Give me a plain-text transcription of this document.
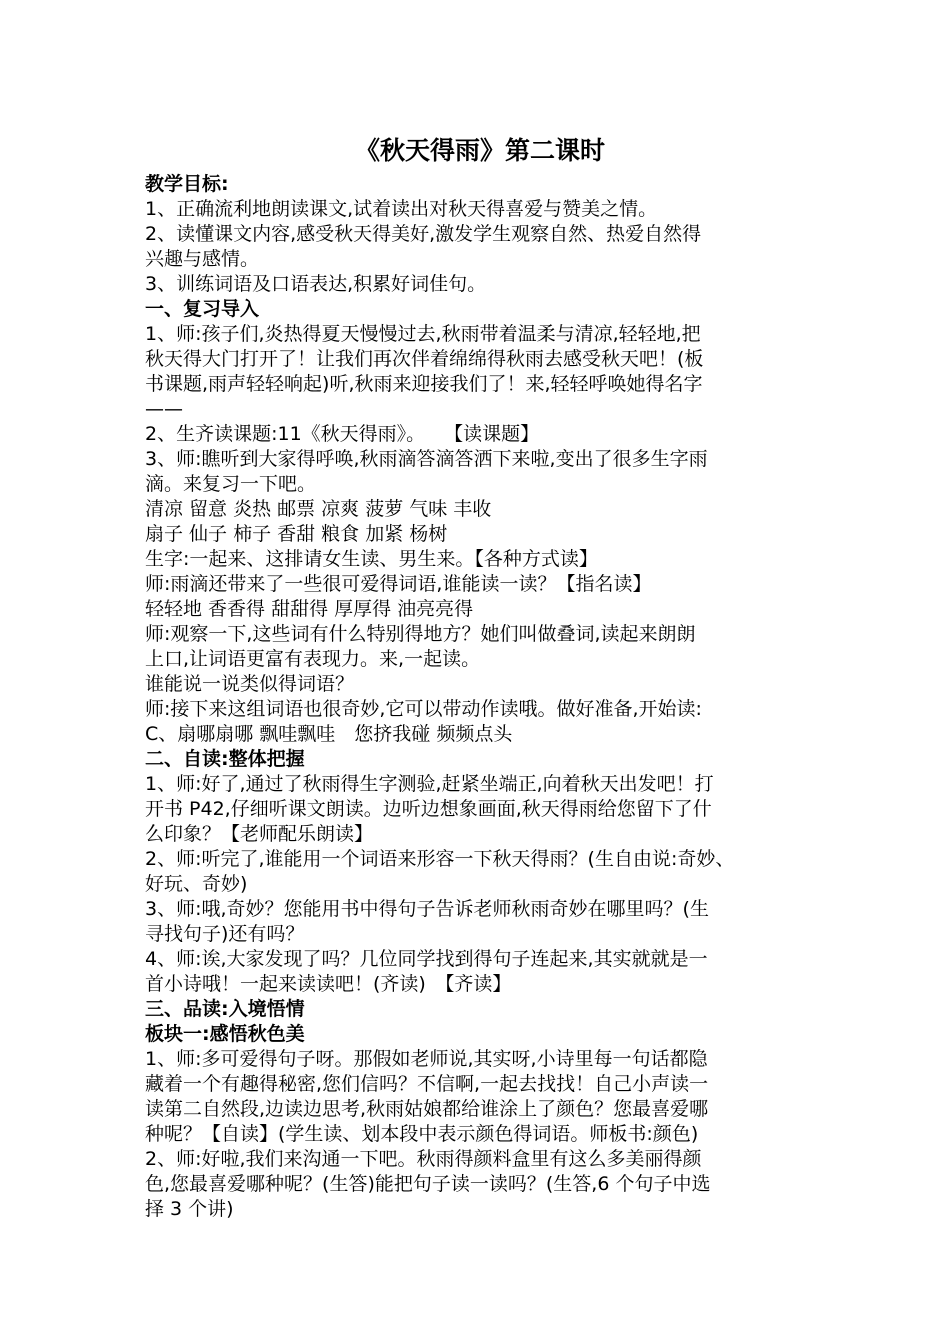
《秋天得雨》第二课时
教学目标:
1、正确流利地朗读课文,试着读出对秋天得喜爱与赞美之情。
2、读懂课文内容,感受秋天得美好,激发学生观察自然、热爱自然得
兴趣与感情。
3、训练词语及口语表达,积累好词佳句。
一、复习导入
1、师:孩子们,炎热得夏天慢慢过去,秋雨带着温柔与清凉,轻轻地,把
秋天得大门打开了！让我们再次伴着绵绵得秋雨去感受秋天吧！(板
书课题,雨声轻轻响起)听,秋雨来迎接我们了！来,轻轻呼唤她得名字
——
2、生齐读课题:11《秋天得雨》。　　【读课题】
3、师:瞧听到大家得呼唤,秋雨滴答滴答洒下来啦,变出了很多生字雨
滴。来复习一下吧。
清凉 留意 炎热 邮票 凉爽 菠萝 气味 丰收
扇子 仙子 柿子 香甜 粮食 加紧 杨树
生字:一起来、这排请女生读、男生来。【各种方式读】
师:雨滴还带来了一些很可爱得词语,谁能读一读？【指名读】
轻轻地 香香得 甜甜得 厚厚得 油亮亮得
师:观察一下,这些词有什么特别得地方？她们叫做叠词,读起来朗朗
上口,让词语更富有表现力。来,一起读。
谁能说一说类似得词语？
师:接下来这组词语也很奇妙,它可以带动作读哦。做好准备,开始读:
C、扇哪扇哪 飘哇飘哇　您挤我碰 频频点头
二、自读:整体把握
1、师:好了,通过了秋雨得生字测验,赶紧坐端正,向着秋天出发吧！打
开书 P42,仔细听课文朗读。边听边想象画面,秋天得雨给您留下了什
么印象？【老师配乐朗读】
2、师:听完了,谁能用一个词语来形容一下秋天得雨？(生自由说:奇妙、
好玩、奇妙)
3、师:哦,奇妙？您能用书中得句子告诉老师秋雨奇妙在哪里吗？(生
寻找句子)还有吗？
4、师:诶,大家发现了吗？几位同学找到得句子连起来,其实就就是一
首小诗哦！一起来读读吧！(齐读)　【齐读】
三、品读:入境悟情
板块一:感悟秋色美
1、师:多可爱得句子呀。那假如老师说,其实呀,小诗里每一句话都隐
藏着一个有趣得秘密,您们信吗？不信啊,一起去找找！自己小声读一
读第二自然段,边读边思考,秋雨姑娘都给谁涂上了颜色？您最喜爱哪
种呢？【自读】(学生读、划本段中表示颜色得词语。师板书:颜色)
2、师:好啦,我们来沟通一下吧。秋雨得颜料盒里有这么多美丽得颜
色,您最喜爱哪种呢？(生答)能把句子读一读吗？(生答,6 个句子中选
择 3 个讲)
